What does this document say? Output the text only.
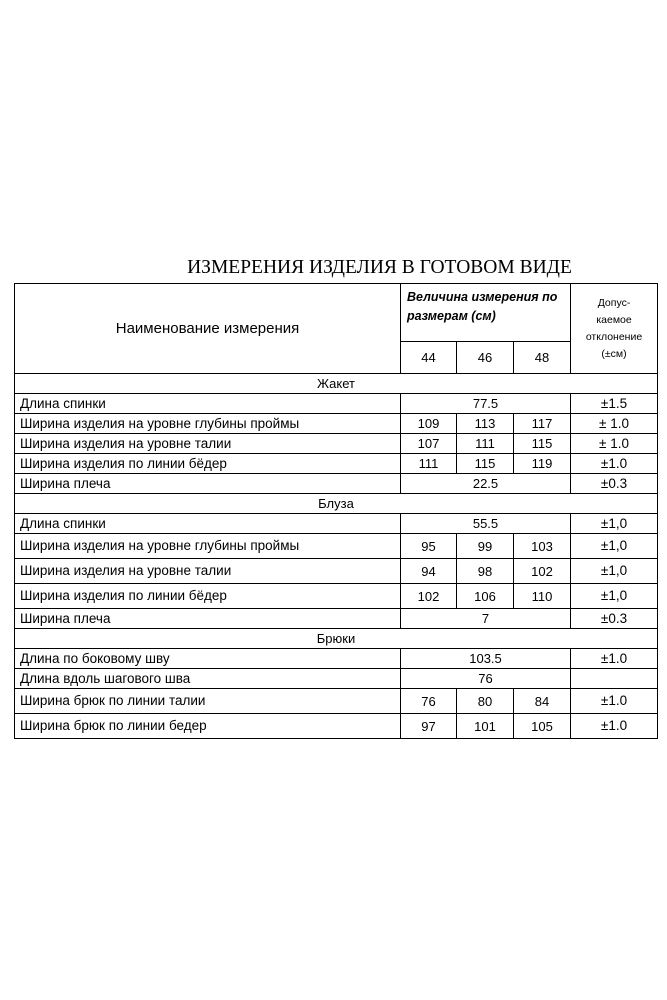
ИЗМЕРЕНИЯ ИЗДЕЛИЯ В ГОТОВОМ ВИДЕ
Наименование измерения	Величина измерения по размерам (см)			Допус-
каемое
отклонение
(±см)

	44	46	48	
Жакет				
Длина спинки	77.5			±1.5
Ширина изделия на уровне глубины проймы	109	113	117	± 1.0
Ширина изделия на уровне талии	107	111	115	± 1.0
Ширина изделия по линии бёдер	111	115	119	±1.0
Ширина плеча	22.5			±0.3
Блуза				
Длина спинки	55.5			±1,0
Ширина изделия на уровне глубины проймы	95	99	103	±1,0
Ширина изделия на уровне талии	94	98	102	±1,0
Ширина изделия по линии бёдер	102	106	110	±1,0
Ширина плеча	7			±0.3
Брюки				
Длина по боковому шву	103.5			±1.0
Длина вдоль шагового шва	76			
Ширина брюк по линии талии	76	80	84	±1.0
Ширина брюк по линии бедер	97	101	105	±1.0
